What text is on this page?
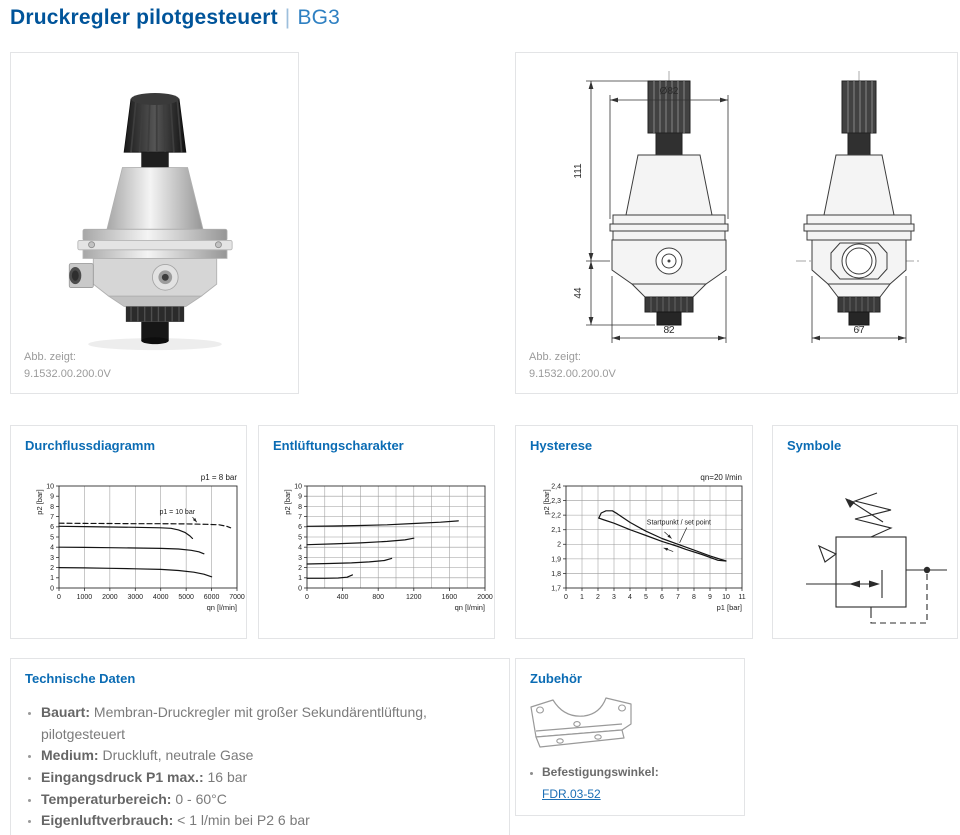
Druckregler pilotgesteuert | BG3
Abb. zeigt:
9.1532.00.200.0V
Ø82
111
44
82	67
Abb. zeigt:
9.1532.00.200.0V
Durchflussdiagramm
0 1000 2000 3000 4000 5000 6000 7000
0
1
2
3
4
5
6
7
8
9
10
qn [l/min]
p2 [bar]
p1 = 8 bar
p1 = 10 bar
Entlüftungscharakter
0	400	800	1200	1600	2000
0
1
2
3
4
5
6
7
8
9
10
qn [l/min]
p2 [bar]
Hysterese
0 1 2 3 4 5 6 7 8 9 10 11
1,7
1,8
1,9
2
2,1
2,2
2,3
2,4
p1 [bar]
p2 [bar]
qn=20 l/min
Startpunkt / set point
Symbole
Technische Daten
• Bauart: Membran-Druckregler mit großer Sekundärentlüftung, pilotgesteuert
• Medium: Druckluft, neutrale Gase
• Eingangsdruck P1 max.: 16 bar
• Temperaturbereich: 0 - 60°C
• Eigenluftverbrauch: < 1 l/min bei P2 6 bar
Zubehör
• Befestigungswinkel:
FDR.03-52
